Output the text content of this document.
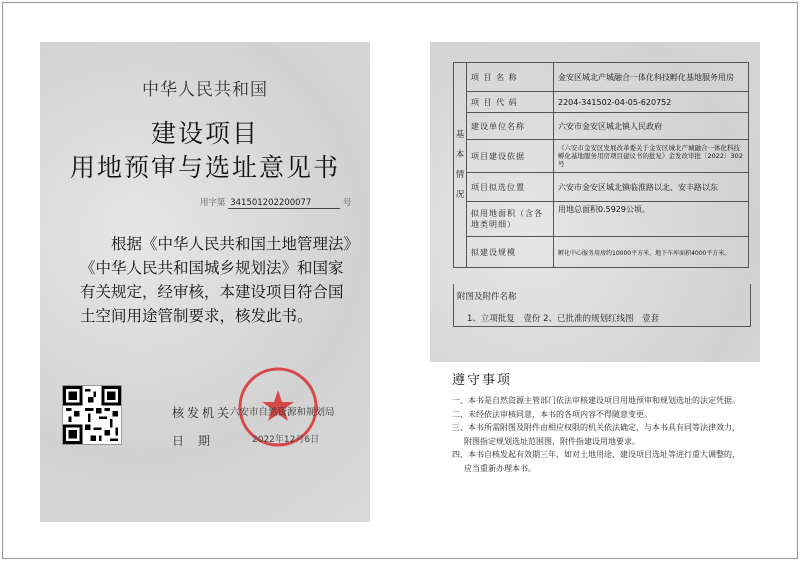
中华人民共和国
建设项目
用地预审与选址意见书
用字第 341501202200077	号
根据《中华人民共和国土地管理法》《中华人民共和国城乡规划法》和国家有关规定，经审核，本建设项目符合国土空间用途管制要求，核发此书。
核发机关
日期
六安市自然资源和规划局
2022年12月6日
基
本
情
况	项 目 名 称	金安区城北产城融合一体化科技孵化基地服务用房
	项 目 代 码	2204-341502-04-05-620752
	建设单位名称	六安市金安区城北镇人民政府
	项目建设依据	《六安市金安区发展改革委关于金安区城北产城融合一体化科技孵化基地服务用房项目建议书的批复》金发改审批〔2022〕302号
	项目拟选位置	六安市金安区城北镇临淮路以北、安丰路以东
	拟用地面积（含各地类明细）	用地总面积0.5929公顷。
	拟建设规模	孵化中心服务用房约10000平方米，地下车库面积4000平方米。
附图及附件名称
1、立项批复　壹份 2、已批准的规划红线图　壹套
遵守事项
一、本书是自然资源主管部门依法审核建设项目用地预审和规划选址的法定凭据。
二、未经依法审核同意，本书的各项内容不得随意变更。
三、本书所需附图及附件由相应权限的机关依法确定，与本书具有同等法律效力，附图指定规划选址范围图，附件指建设用地要求。
四、本书自核发起有效期三年，如对土地用途、建设项目选址等进行重大调整的，应当重新办理本书。
